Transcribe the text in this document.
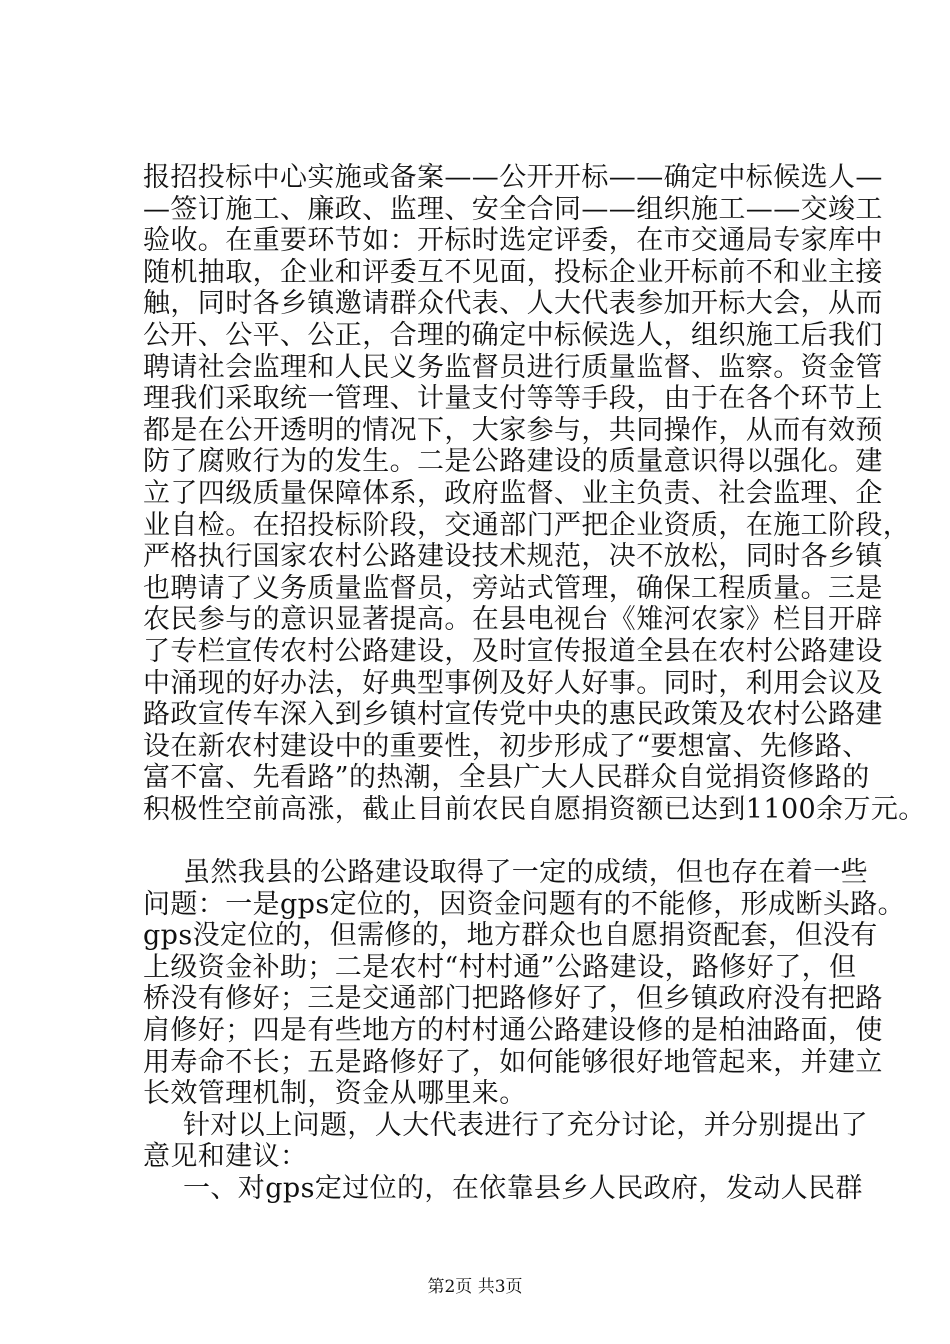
报招投标中心实施或备案——公开开标——确定中标候选人—
—签订施工、廉政、监理、安全合同——组织施工——交竣工
验收。在重要环节如：开标时选定评委，在市交通局专家库中
随机抽取，企业和评委互不见面，投标企业开标前不和业主接
触，同时各乡镇邀请群众代表、人大代表参加开标大会，从而
公开、公平、公正，合理的确定中标候选人，组织施工后我们
聘请社会监理和人民义务监督员进行质量监督、监察。资金管
理我们采取统一管理、计量支付等等手段，由于在各个环节上
都是在公开透明的情况下，大家参与，共同操作，从而有效预
防了腐败行为的发生。二是公路建设的质量意识得以强化。建
立了四级质量保障体系，政府监督、业主负责、社会监理、企
业自检。在招投标阶段，交通部门严把企业资质，在施工阶段，
严格执行国家农村公路建设技术规范，决不放松，同时各乡镇
也聘请了义务质量监督员，旁站式管理，确保工程质量。三是
农民参与的意识显著提高。在县电视台《雉河农家》栏目开辟
了专栏宣传农村公路建设，及时宣传报道全县在农村公路建设
中涌现的好办法，好典型事例及好人好事。同时，利用会议及
路政宣传车深入到乡镇村宣传党中央的惠民政策及农村公路建
设在新农村建设中的重要性，初步形成了“要想富、先修路、
富不富、先看路”的热潮，全县广大人民群众自觉捐资修路的
积极性空前高涨，截止目前农民自愿捐资额已达到1100余万元。
虽然我县的公路建设取得了一定的成绩，但也存在着一些
问题：一是gps定位的，因资金问题有的不能修，形成断头路。
gps没定位的，但需修的，地方群众也自愿捐资配套，但没有
上级资金补助；二是农村“村村通”公路建设，路修好了，但
桥没有修好；三是交通部门把路修好了，但乡镇政府没有把路
肩修好；四是有些地方的村村通公路建设修的是柏油路面，使
用寿命不长；五是路修好了，如何能够很好地管起来，并建立
长效管理机制，资金从哪里来。
针对以上问题，人大代表进行了充分讨论，并分别提出了
意见和建议：
一、对gps定过位的，在依靠县乡人民政府，发动人民群
第2页 共3页
